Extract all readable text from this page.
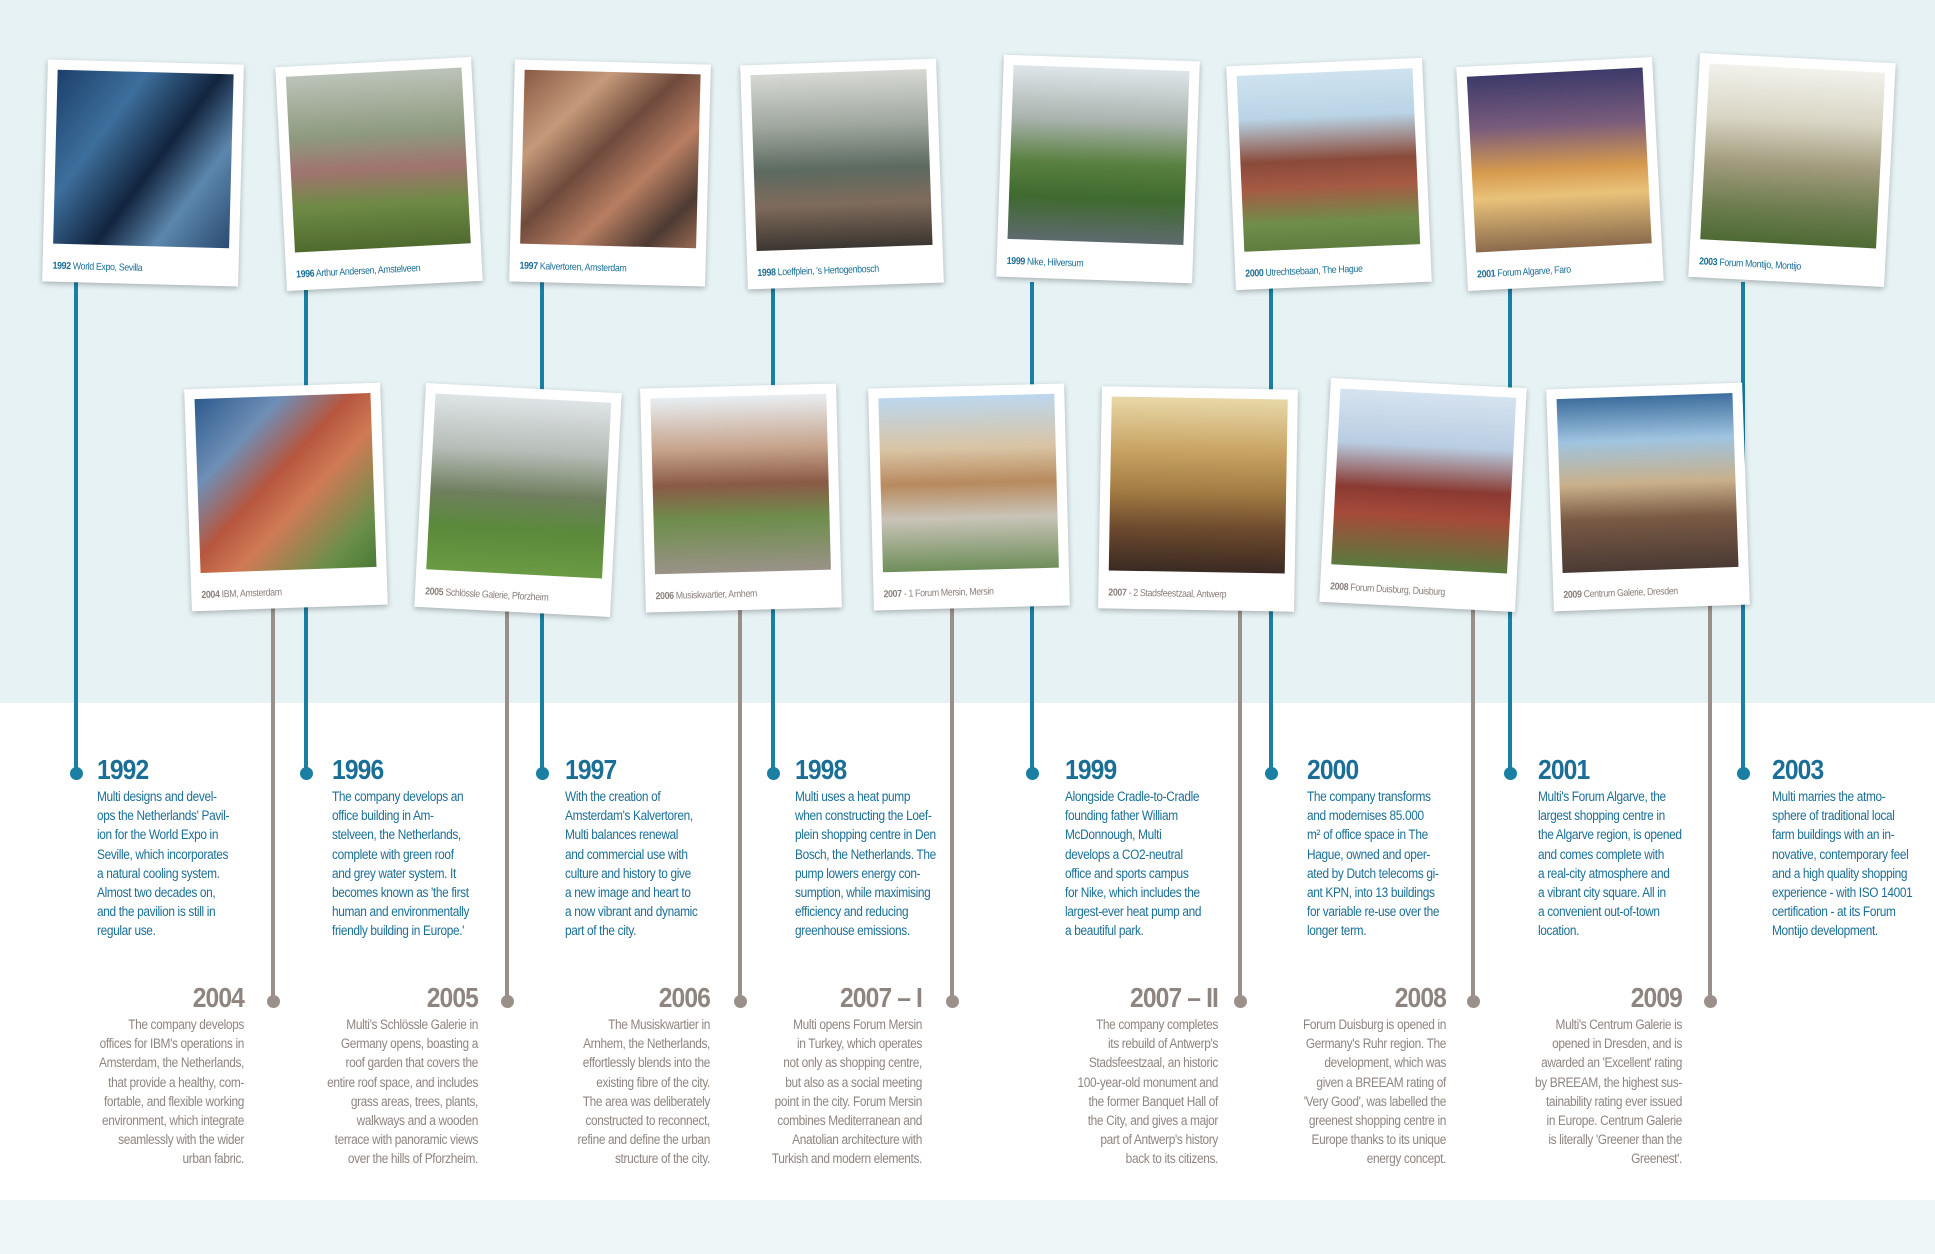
1992 World Expo, Sevilla
1996 Arthur Andersen, Amstelveen	1997 Kalvertoren, Amsterdam	1998 Loeffplein, 's Hertogenbosch
1999 Nike, Hilversum
2000 Utrechtsebaan, The Hague	2001 Forum Algarve, Faro
2003 Forum Montijo, Montijo
2004 IBM, Amsterdam	2005 Schlössle Galerie, Pforzheim	2006 Musiskwartier, Arnhem	2007 - 1 Forum Mersin, Mersin	2007 - 2 Stadsfeestzaal, Antwerp
2008 Forum Duisburg, Duisburg	2009 Centrum Galerie, Dresden
1992
Multi designs and devel-
ops the Netherlands' Pavil-
ion for the World Expo in
Seville, which incorporates
a natural cooling system.
Almost two decades on,
and the pavilion is still in
regular use.
1996
The company develops an
office building in Am-
stelveen, the Netherlands,
complete with green roof
and grey water system. It
becomes known as 'the first
human and environmentally
friendly building in Europe.'
1997
With the creation of
Amsterdam's Kalvertoren,
Multi balances renewal
and commercial use with
culture and history to give
a new image and heart to
a now vibrant and dynamic
part of the city.
1998
Multi uses a heat pump
when constructing the Loef-
plein shopping centre in Den
Bosch, the Netherlands. The
pump lowers energy con-
sumption, while maximising
efficiency and reducing
greenhouse emissions.
1999
Alongside Cradle-to-Cradle
founding father William
McDonnough, Multi
develops a CO2-neutral
office and sports campus
for Nike, which includes the
largest-ever heat pump and
a beautiful park.
2000
The company transforms
and modernises 85.000
m² of office space in The
Hague, owned and oper-
ated by Dutch telecoms gi-
ant KPN, into 13 buildings
for variable re-use over the
longer term.
2001
Multi's Forum Algarve, the
largest shopping centre in
the Algarve region, is opened
and comes complete with
a real-city atmosphere and
a vibrant city square. All in
a convenient out-of-town
location.
2003
Multi marries the atmo-
sphere of traditional local
farm buildings with an in-
novative, contemporary feel
and a high quality shopping
experience - with ISO 14001
certification - at its Forum
Montijo development.
2004
The company develops
offices for IBM's operations in
Amsterdam, the Netherlands,
that provide a healthy, com-
fortable, and flexible working
environment, which integrate
seamlessly with the wider
urban fabric.
2005
Multi's Schlössle Galerie in
Germany opens, boasting a
roof garden that covers the
entire roof space, and includes
grass areas, trees, plants,
walkways and a wooden
terrace with panoramic views
over the hills of Pforzheim.
2006
The Musiskwartier in
Arnhem, the Netherlands,
effortlessly blends into the
existing fibre of the city.
The area was deliberately
constructed to reconnect,
refine and define the urban
structure of the city.
2007 – I
Multi opens Forum Mersin
in Turkey, which operates
not only as shopping centre,
but also as a social meeting
point in the city. Forum Mersin
combines Mediterranean and
Anatolian architecture with
Turkish and modern elements.
2007 – II
The company completes
its rebuild of Antwerp's
Stadsfeestzaal, an historic
100-year-old monument and
the former Banquet Hall of
the City, and gives a major
part of Antwerp's history
back to its citizens.
2008
Forum Duisburg is opened in
Germany's Ruhr region. The
development, which was
given a BREEAM rating of
'Very Good', was labelled the
greenest shopping centre in
Europe thanks to its unique
energy concept.
2009
Multi's Centrum Galerie is
opened in Dresden, and is
awarded an 'Excellent' rating
by BREEAM, the highest sus-
tainability rating ever issued
in Europe. Centrum Galerie
is literally 'Greener than the
Greenest'.
